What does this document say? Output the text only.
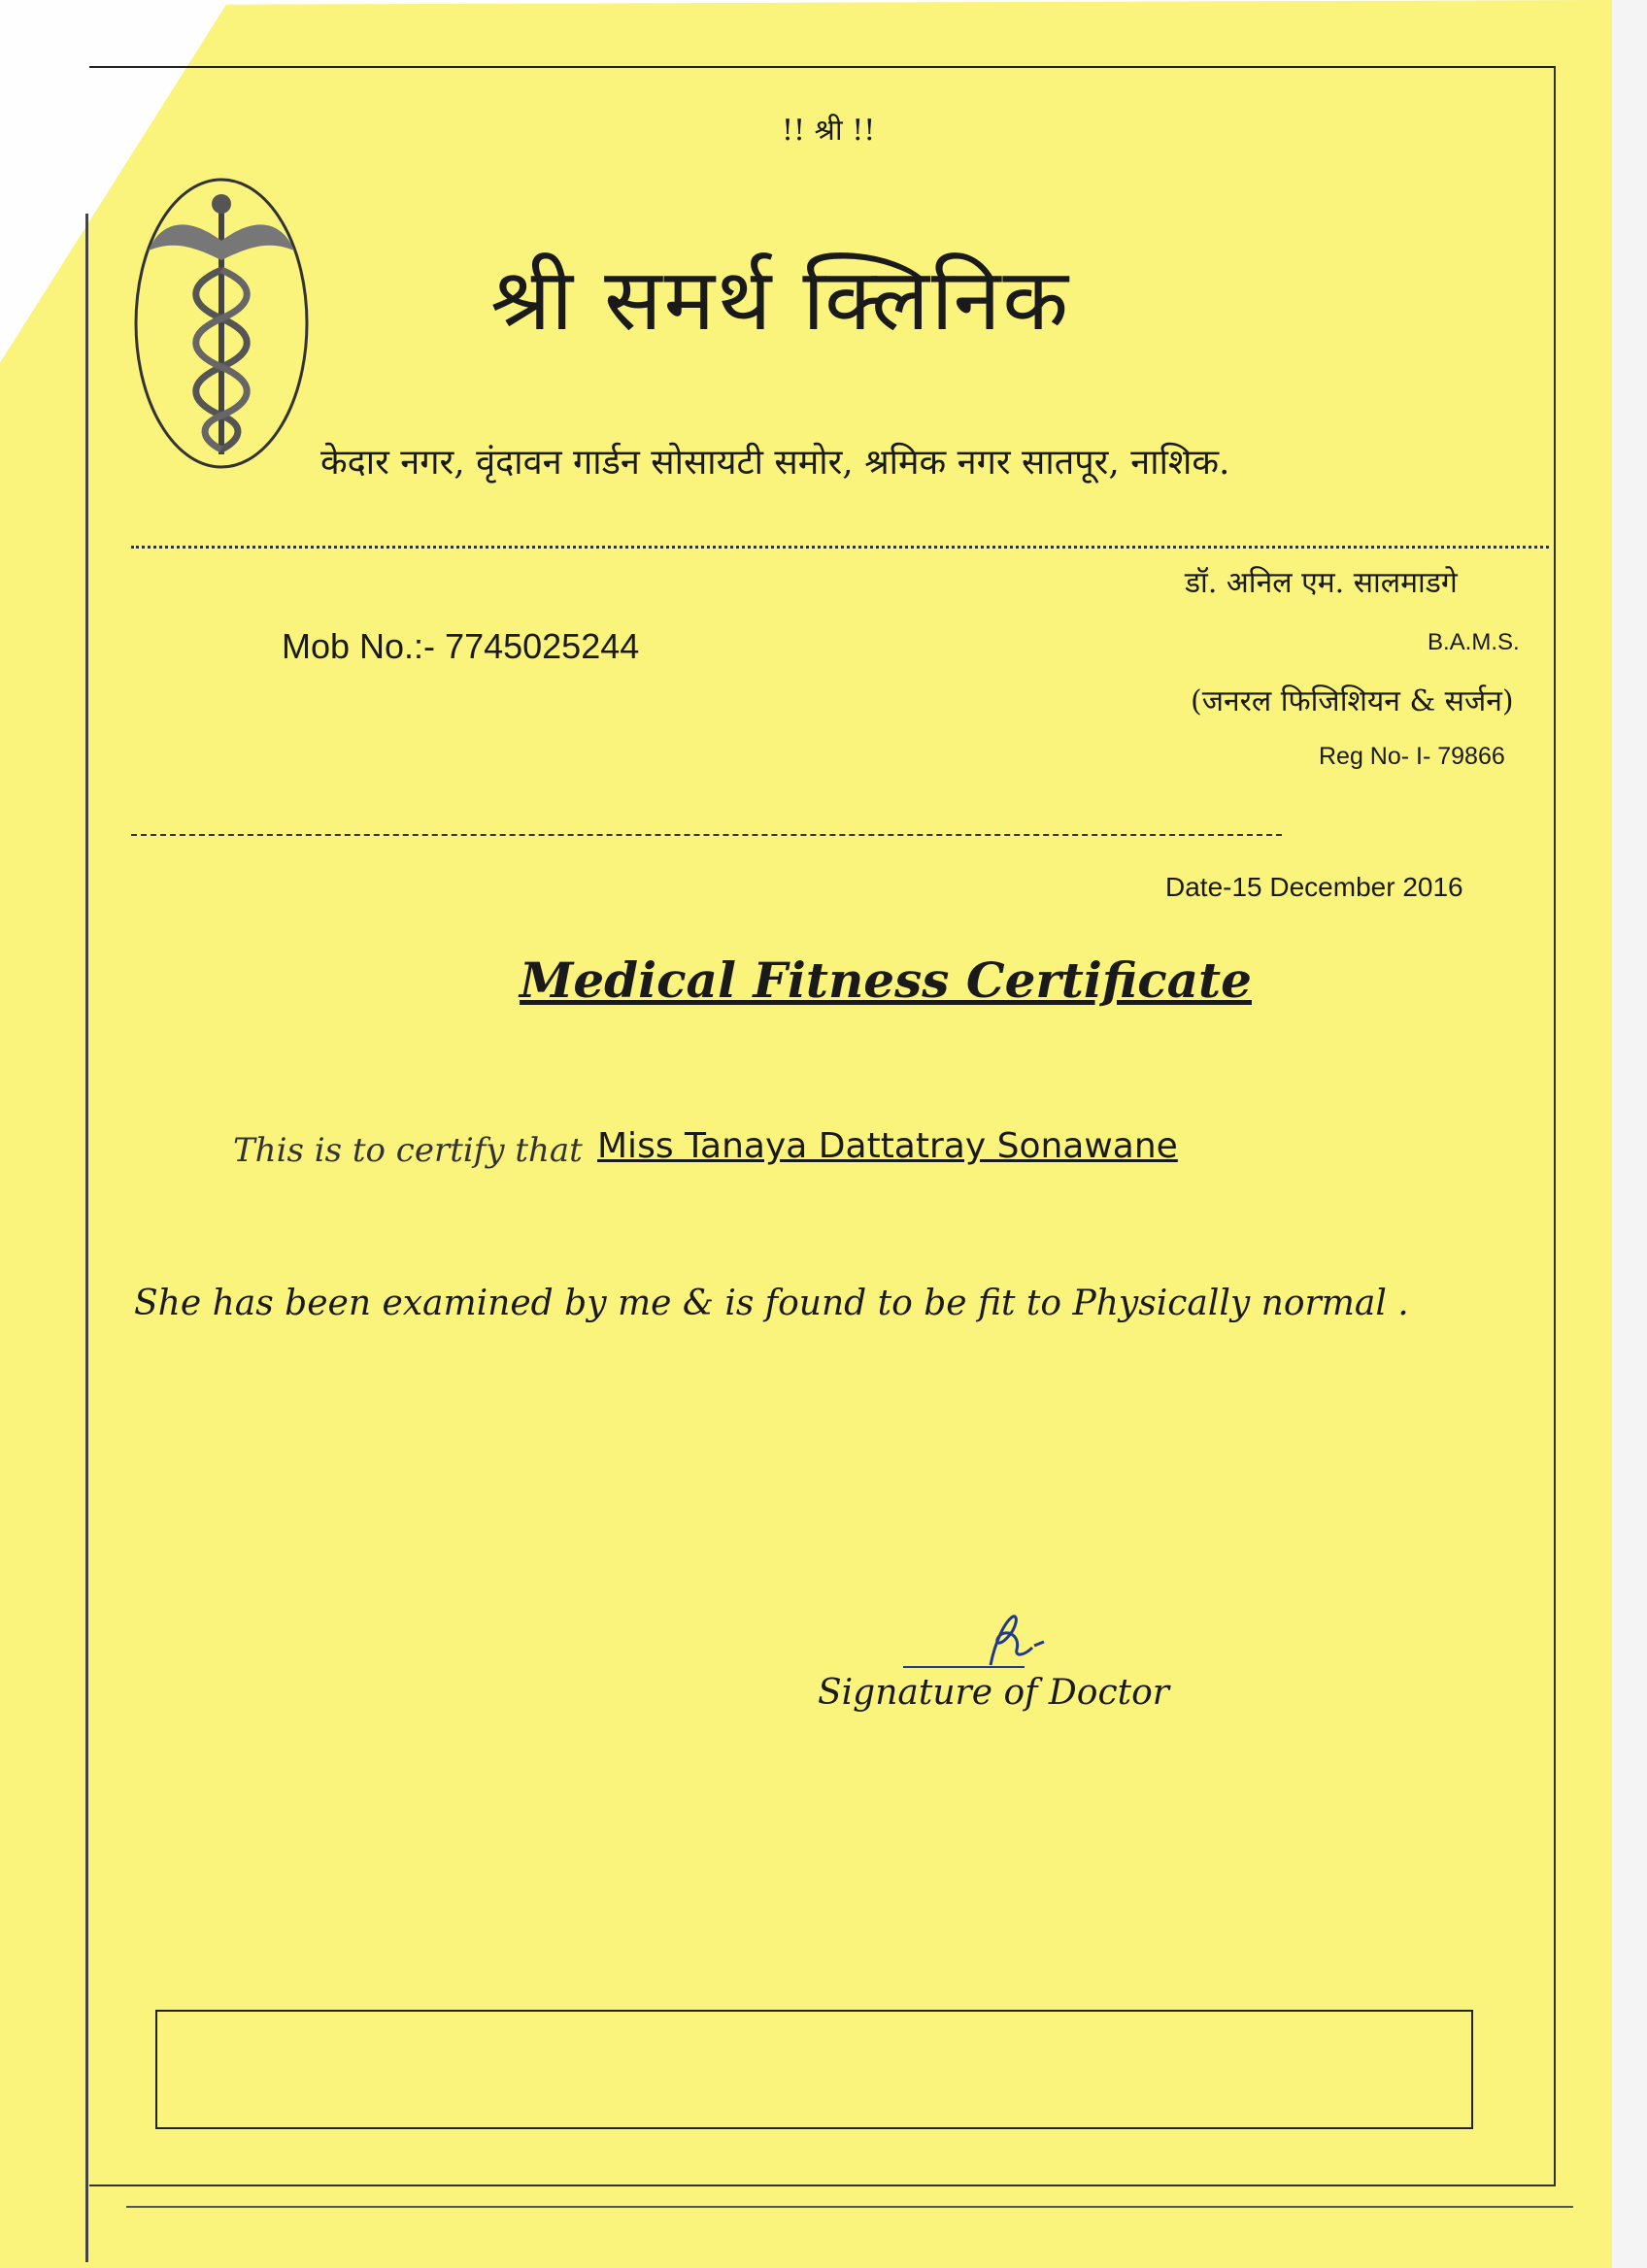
!! श्री !!
श्री समर्थ क्लिनिक
केदार नगर, वृंदावन गार्डन सोसायटी समोर, श्रमिक नगर सातपूर, नाशिक.
डॉ. अनिल एम. सालमाडगे
Mob No.:- 7745025244	B.A.M.S.
(जनरल फिजिशियन & सर्जन)
Reg No- I- 79866
Date-15 December 2016
Medical Fitness Certificate
This is to certify that Miss Tanaya Dattatray Sonawane
She has been examined by me & is found to be fit to Physically normal .
Signature of Doctor
